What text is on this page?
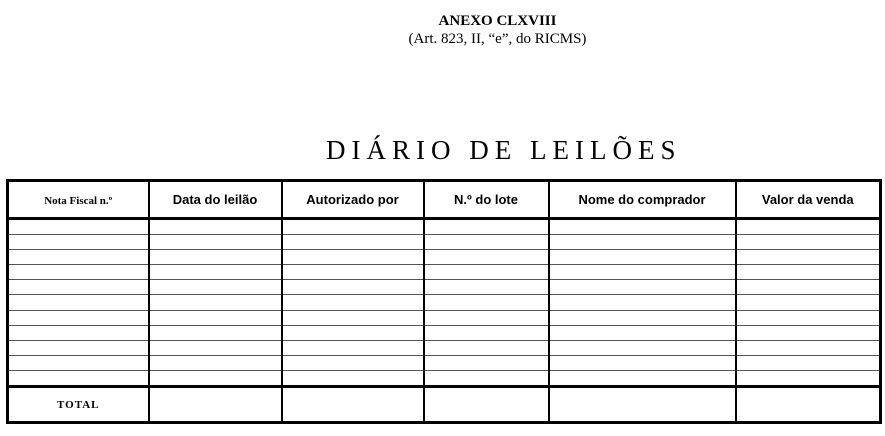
ANEXO CLXVIII
(Art. 823, II, “e”, do RICMS)
DIÁRIO DE LEILÕES
Nota Fiscal n.º	Data do leilão	Autorizado por	N.º do lote	Nome do comprador	Valor da venda

TOTAL					
